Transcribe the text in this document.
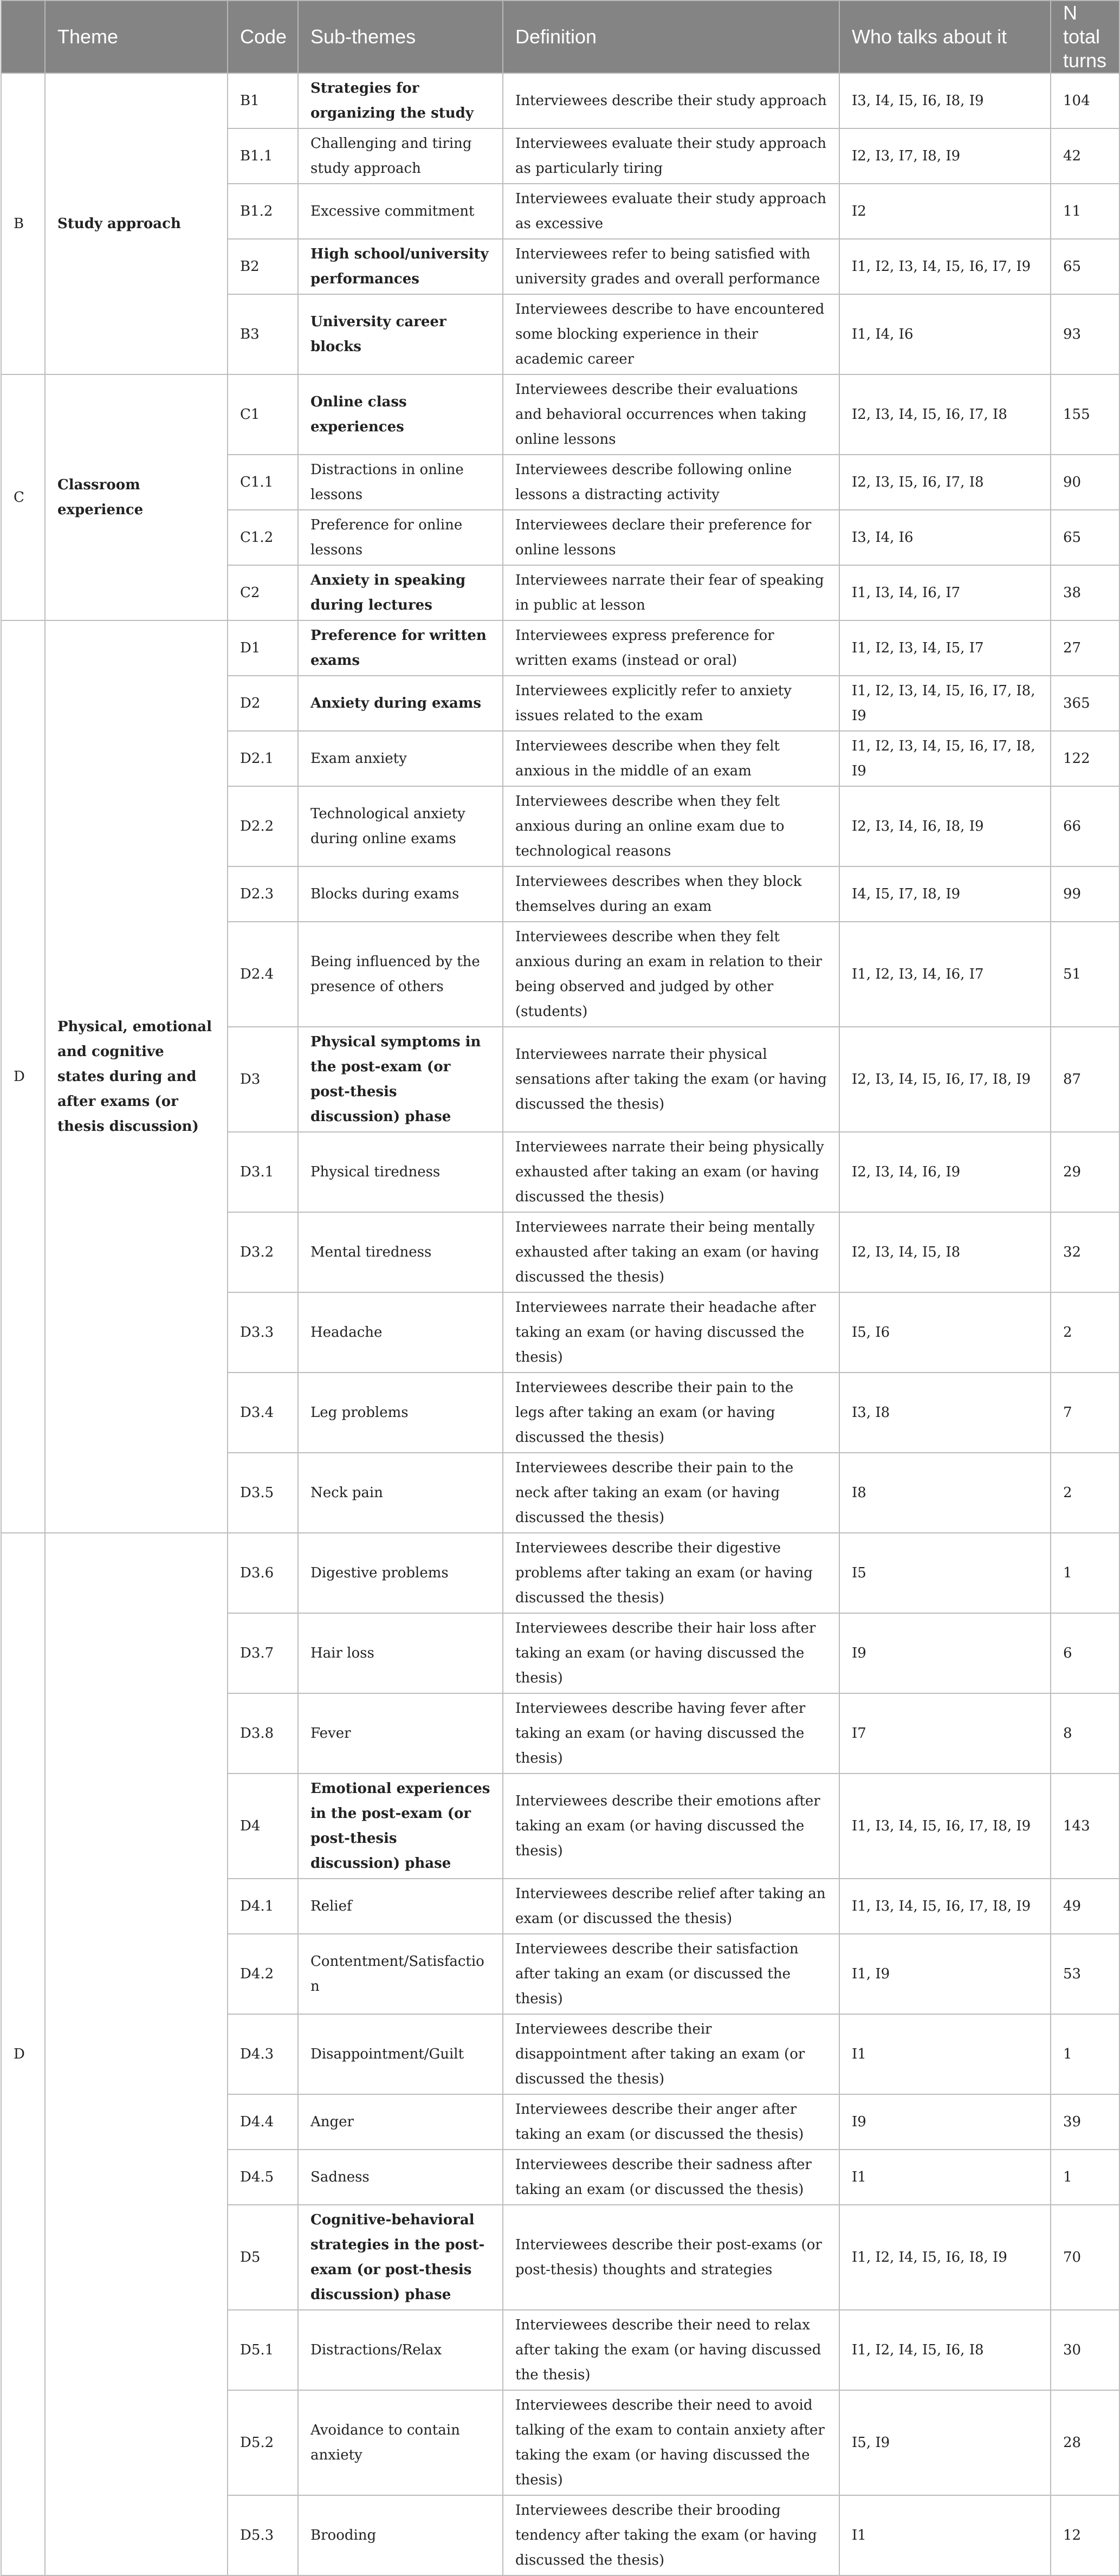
	Theme	Code	Sub-themes	Definition	Who talks about it	N total turns
B	Study approach	B1	Strategies for organizing the study	Interviewees describe their study approach	I3, I4, I5, I6, I8, I9	104
		B1.1	Challenging and tiring study approach	Interviewees evaluate their study approach as particularly tiring	I2, I3, I7, I8, I9	42
		B1.2	Excessive commitment	Interviewees evaluate their study approach as excessive	I2	11
		B2	High school/university performances	Interviewees refer to being satisfied with university grades and overall performance	I1, I2, I3, I4, I5, I6, I7, I9	65
		B3	University career blocks	Interviewees describe to have encountered some blocking experience in their academic career	I1, I4, I6	93
C	Classroom experience	C1	Online class experiences	Interviewees describe their evaluations and behavioral occurrences when taking online lessons	I2, I3, I4, I5, I6, I7, I8	155
		C1.1	Distractions in online lessons	Interviewees describe following online lessons a distracting activity	I2, I3, I5, I6, I7, I8	90
		C1.2	Preference for online lessons	Interviewees declare their preference for online lessons	I3, I4, I6	65
		C2	Anxiety in speaking during lectures	Interviewees narrate their fear of speaking in public at lesson	I1, I3, I4, I6, I7	38
D	Physical, emotional and cognitive states during and after exams (or thesis discussion)	D1	Preference for written exams	Interviewees express preference for written exams (instead or oral)	I1, I2, I3, I4, I5, I7	27
		D2	Anxiety during exams	Interviewees explicitly refer to anxiety issues related to the exam	I1, I2, I3, I4, I5, I6, I7, I8, I9	365
		D2.1	Exam anxiety	Interviewees describe when they felt anxious in the middle of an exam	I1, I2, I3, I4, I5, I6, I7, I8, I9	122
		D2.2	Technological anxiety during online exams	Interviewees describe when they felt anxious during an online exam due to technological reasons	I2, I3, I4, I6, I8, I9	66
		D2.3	Blocks during exams	Interviewees describes when they block themselves during an exam	I4, I5, I7, I8, I9	99
		D2.4	Being influenced by the presence of others	Interviewees describe when they felt anxious during an exam in relation to their being observed and judged by other (students)	I1, I2, I3, I4, I6, I7	51
		D3	Physical symptoms in the post-exam (or post-thesis discussion) phase	Interviewees narrate their physical sensations after taking the exam (or having discussed the thesis)	I2, I3, I4, I5, I6, I7, I8, I9	87
		D3.1	Physical tiredness	Interviewees narrate their being physically exhausted after taking an exam (or having discussed the thesis)	I2, I3, I4, I6, I9	29
		D3.2	Mental tiredness	Interviewees narrate their being mentally exhausted after taking an exam (or having discussed the thesis)	I2, I3, I4, I5, I8	32
		D3.3	Headache	Interviewees narrate their headache after taking an exam (or having discussed the thesis)	I5, I6	2
		D3.4	Leg problems	Interviewees describe their pain to the legs after taking an exam (or having discussed the thesis)	I3, I8	7
		D3.5	Neck pain	Interviewees describe their pain to the neck after taking an exam (or having discussed the thesis)	I8	2
D		D3.6	Digestive problems	Interviewees describe their digestive problems after taking an exam (or having discussed the thesis)	I5	1
		D3.7	Hair loss	Interviewees describe their hair loss after taking an exam (or having discussed the thesis)	I9	6
		D3.8	Fever	Interviewees describe having fever after taking an exam (or having discussed the thesis)	I7	8
		D4	Emotional experiences in the post-exam (or post-thesis discussion) phase	Interviewees describe their emotions after taking an exam (or having discussed the thesis)	I1, I3, I4, I5, I6, I7, I8, I9	143
		D4.1	Relief	Interviewees describe relief after taking an exam (or discussed the thesis)	I1, I3, I4, I5, I6, I7, I8, I9	49
		D4.2	Contentment/Satisfaction	Interviewees describe their satisfaction after taking an exam (or discussed the thesis)	I1, I9	53
		D4.3	Disappointment/Guilt	Interviewees describe their disappointment after taking an exam (or discussed the thesis)	I1	1
		D4.4	Anger	Interviewees describe their anger after taking an exam (or discussed the thesis)	I9	39
		D4.5	Sadness	Interviewees describe their sadness after taking an exam (or discussed the thesis)	I1	1
		D5	Cognitive-behavioral strategies in the post-exam (or post-thesis discussion) phase	Interviewees describe their post-exams (or post-thesis) thoughts and strategies	I1, I2, I4, I5, I6, I8, I9	70
		D5.1	Distractions/Relax	Interviewees describe their need to relax after taking the exam (or having discussed the thesis)	I1, I2, I4, I5, I6, I8	30
		D5.2	Avoidance to contain anxiety	Interviewees describe their need to avoid talking of the exam to contain anxiety after taking the exam (or having discussed the thesis)	I5, I9	28
		D5.3	Brooding	Interviewees describe their brooding tendency after taking the exam (or having discussed the thesis)	I1	12
